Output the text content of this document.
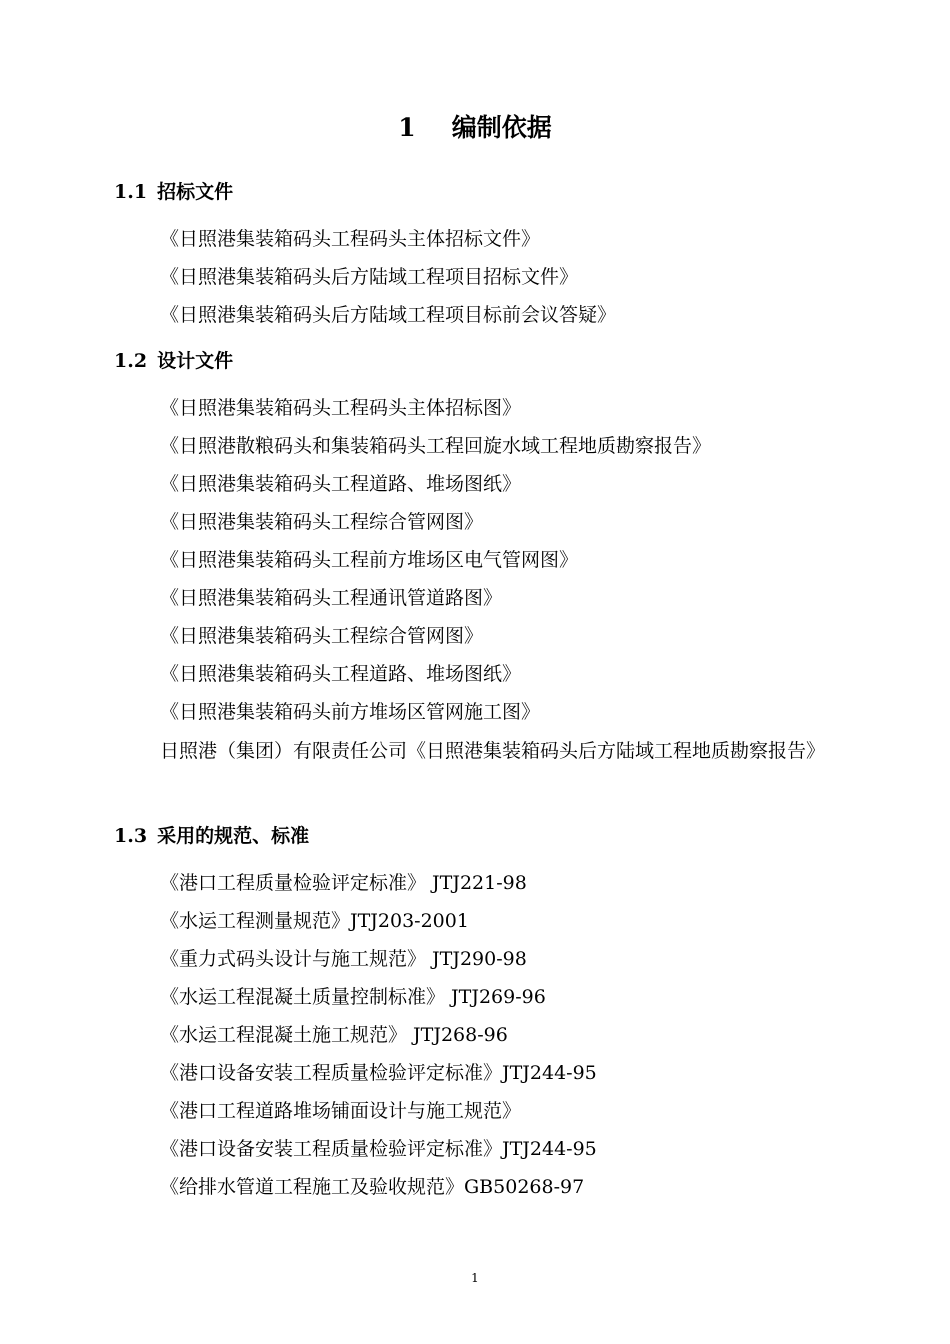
1 编制依据
1.1 招标文件
《日照港集装箱码头工程码头主体招标文件》
《日照港集装箱码头后方陆域工程项目招标文件》
《日照港集装箱码头后方陆域工程项目标前会议答疑》
1.2 设计文件
《日照港集装箱码头工程码头主体招标图》
《日照港散粮码头和集装箱码头工程回旋水域工程地质勘察报告》
《日照港集装箱码头工程道路、堆场图纸》
《日照港集装箱码头工程综合管网图》
《日照港集装箱码头工程前方堆场区电气管网图》
《日照港集装箱码头工程通讯管道路图》
《日照港集装箱码头工程综合管网图》
《日照港集装箱码头工程道路、堆场图纸》
《日照港集装箱码头前方堆场区管网施工图》
日照港（集团）有限责任公司《日照港集装箱码头后方陆域工程地质勘察报告》
1.3 采用的规范、标准
《港口工程质量检验评定标准》 JTJ221-98
《水运工程测量规范》JTJ203-2001
《重力式码头设计与施工规范》 JTJ290-98
《水运工程混凝土质量控制标准》 JTJ269-96
《水运工程混凝土施工规范》 JTJ268-96
《港口设备安装工程质量检验评定标准》JTJ244-95
《港口工程道路堆场铺面设计与施工规范》
《港口设备安装工程质量检验评定标准》JTJ244-95
《给排水管道工程施工及验收规范》GB50268-97
1
